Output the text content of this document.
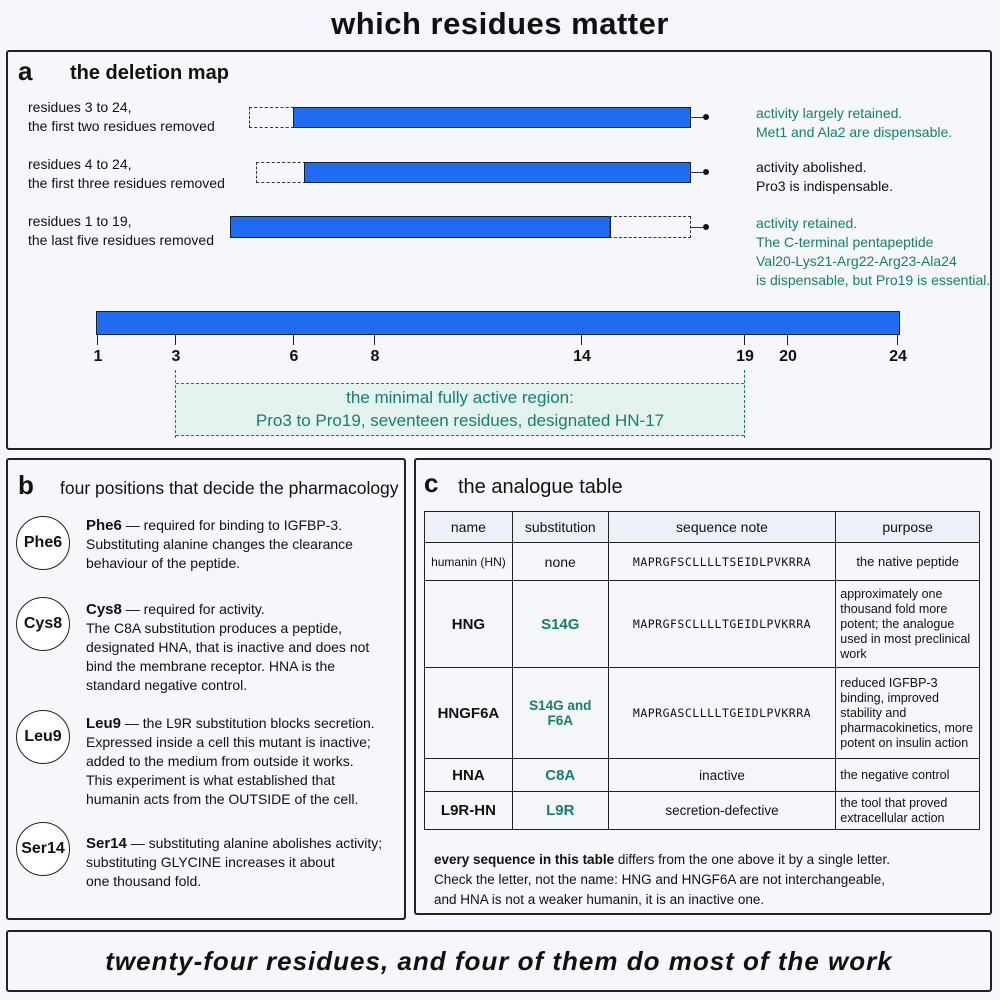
which residues matter
a the deletion map
residues 3 to 24,
the first two residues removed
activity largely retained.
Met1 and Ala2 are dispensable.
residues 4 to 24,
the first three residues removed
activity abolished.
Pro3 is indispensable.
residues 1 to 19,
the last five residues removed
activity retained.
The C-terminal pentapeptide
Val20-Lys21-Arg22-Arg23-Ala24
is dispensable, but Pro19 is essential.
1	3	6	8	14	19	20	24
the minimal fully active region:
Pro3 to Pro19, seventeen residues, designated HN-17
b four positions that decide the pharmacology
Phe6
Phe6 — required for binding to IGFBP-3.
Substituting alanine changes the clearance
behaviour of the peptide.
Cys8
Cys8 — required for activity.
The C8A substitution produces a peptide,
designated HNA, that is inactive and does not
bind the membrane receptor. HNA is the
standard negative control.
Leu9
Leu9 — the L9R substitution blocks secretion.
Expressed inside a cell this mutant is inactive;
added to the medium from outside it works.
This experiment is what established that
humanin acts from the OUTSIDE of the cell.
Ser14	Ser14 — substituting alanine abolishes activity;
substituting GLYCINE increases it about
one thousand fold.
c the analogue table
name	substitution	sequence note	purpose
humanin (HN)	none	MAPRGFSCLLLLTSEIDLPVKRRA	the native peptide
HNG	S14G	MAPRGFSCLLLLTGEIDLPVKRRA	approximately one thousand fold more potent; the analogue used in most preclinical work
HNGF6A	S14G and F6A	MAPRGASCLLLLTGEIDLPVKRRA	reduced IGFBP-3 binding, improved stability and pharmacokinetics, more potent on insulin action
HNA	C8A	inactive	the negative control
L9R-HN	L9R	secretion-defective	the tool that proved extracellular action
every sequence in this table differs from the one above it by a single letter.
Check the letter, not the name: HNG and HNGF6A are not interchangeable,
and HNA is not a weaker humanin, it is an inactive one.
twenty-four residues, and four of them do most of the work
